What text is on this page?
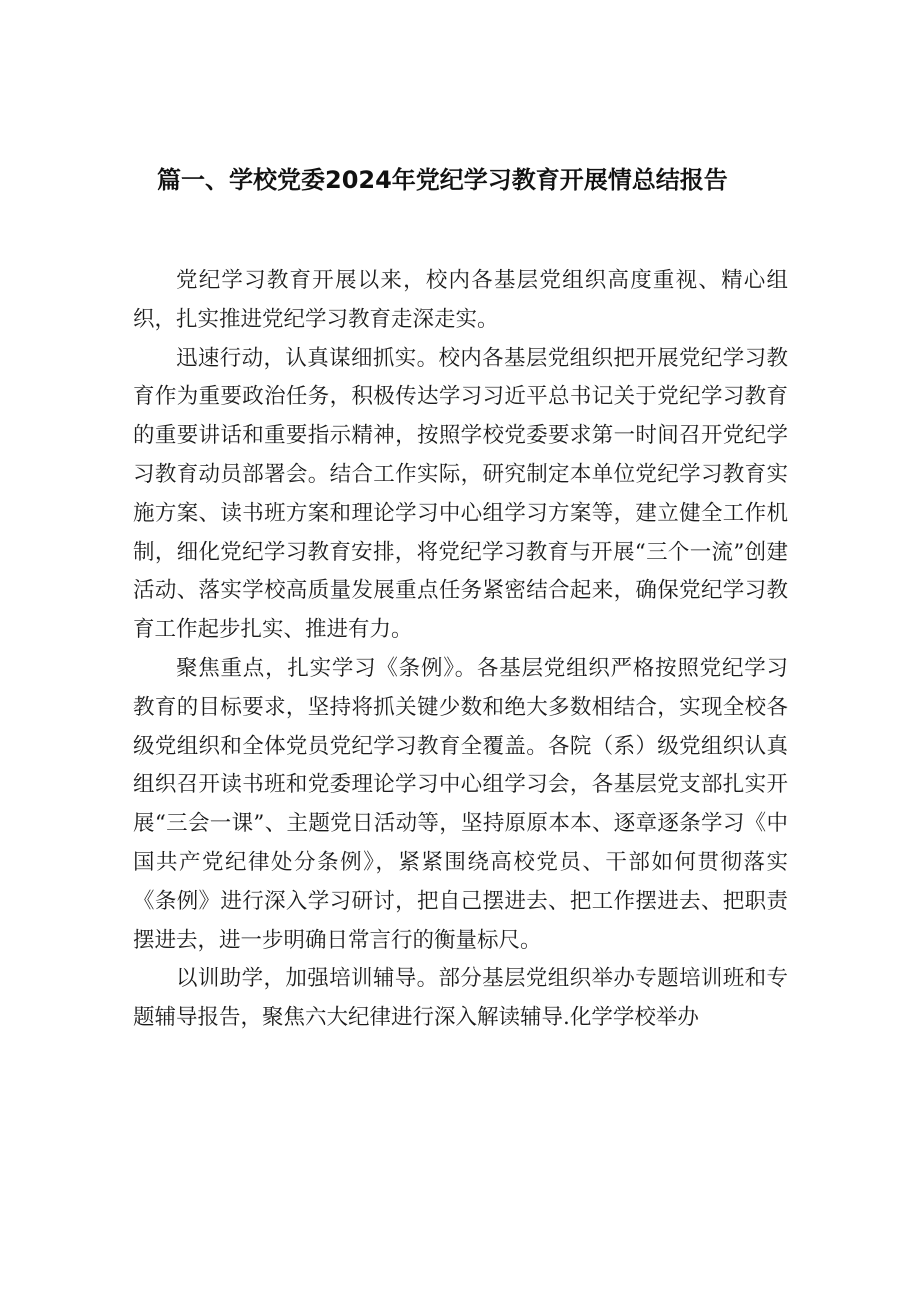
篇一、学校党委2024年党纪学习教育开展情总结报告

党纪学习教育开展以来，校内各基层党组织高度重视、精心组织，扎实推进党纪学习教育走深走实。

迅速行动，认真谋细抓实。校内各基层党组织把开展党纪学习教育作为重要政治任务，积极传达学习习近平总书记关于党纪学习教育的重要讲话和重要指示精神，按照学校党委要求第一时间召开党纪学习教育动员部署会。结合工作实际，研究制定本单位党纪学习教育实施方案、读书班方案和理论学习中心组学习方案等，建立健全工作机制，细化党纪学习教育安排，将党纪学习教育与开展“三个一流”创建活动、落实学校高质量发展重点任务紧密结合起来，确保党纪学习教育工作起步扎实、推进有力。

聚焦重点，扎实学习《条例》。各基层党组织严格按照党纪学习教育的目标要求，坚持将抓关键少数和绝大多数相结合，实现全校各级党组织和全体党员党纪学习教育全覆盖。各院（系）级党组织认真组织召开读书班和党委理论学习中心组学习会，各基层党支部扎实开展“三会一课”、主题党日活动等，坚持原原本本、逐章逐条学习《中国共产党纪律处分条例》，紧紧围绕高校党员、干部如何贯彻落实《条例》进行深入学习研讨，把自己摆进去、把工作摆进去、把职责摆进去，进一步明确日常言行的衡量标尺。

以训助学，加强培训辅导。部分基层党组织举办专题培训班和专题辅导报告，聚焦六大纪律进行深入解读辅导.化学学校举办
